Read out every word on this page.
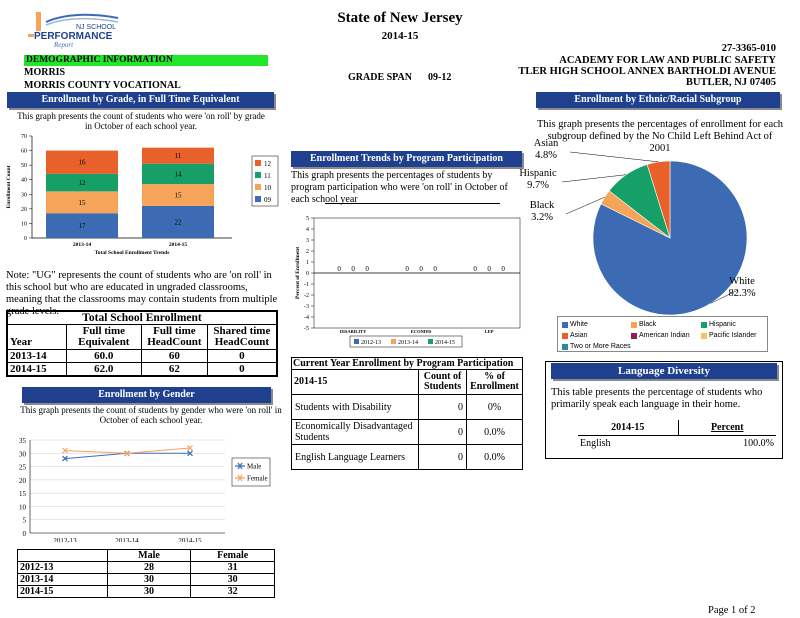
NJ SCHOOL
PERFORMANCE
Report
State of New Jersey
2014-15
27-3365-010
ACADEMY FOR LAW AND PUBLIC SAFETY
TLER HIGH SCHOOL ANNEX BARTHOLDI AVENUE
BUTLER, NJ 07405
GRADE SPAN 09-12
DEMOGRAPHIC INFORMATION
MORRIS
MORRIS COUNTY VOCATIONAL
Enrollment by Grade, in Full Time Equivalent
This graph presents the count of students who were 'on roll' by grade in October of each school year.
0
10
20
30
40
50
60
70
Enrollment Count
17
15
12
16
2013-14
22
15
14
11
2014-15
Total School Enrollment Trends
12
11
10
09
Note: "UG" represents the count of students who are 'on roll' in this school but who are educated in ungraded classrooms, meaning that the classrooms may contain students from multiple grade levels.
Total School Enrollment			
Year	Full time Equivalent	Full time HeadCount	Shared time HeadCount
2013-14	60.0	60	0
2014-15	62.0	62	0
Enrollment by Gender
This graph presents the count of students by gender who were 'on roll' in October of each school year.
0
5
10
15
20
25
30
35
2012-13	2013-14	2014-15
Male
Female
	Male	Female
2012-13	28	31
2013-14	30	30
2014-15	30	32
Enrollment Trends by Program Participation
This graph presents the percentages of students by program participation who were 'on roll' in October of each school year
-5
-4
-3
-2
-1
0
1
2
3
4
5
Percent of Enrollment	0 0 0
DISABILITY
0 0 0
ECONDIS
0 0 0
LEP
2012-13	2013-14	2014-15
Current Year Enrollment by Program Participation		
2014-15	Count of Students	% of Enrollment
Students with Disability	0	0%
Economically Disadvantaged Students	0	0.0%
English Language Learners	0	0.0%
Enrollment by Ethnic/Racial Subgroup
This graph presents the percentages of enrollment for each subgroup defined by the No Child Left Behind Act of 2001
Asian
4.8%
Hispanic
9.7%
Black
3.2%
White
82.3%
White	Black	Hispanic
Asian	American Indian	Pacific Islander
Two or More Races
Language Diversity
This table presents the percentage of students who primarily speak each language in their home.
2014-15	Percent
English	100.0%
Page 1 of 2
